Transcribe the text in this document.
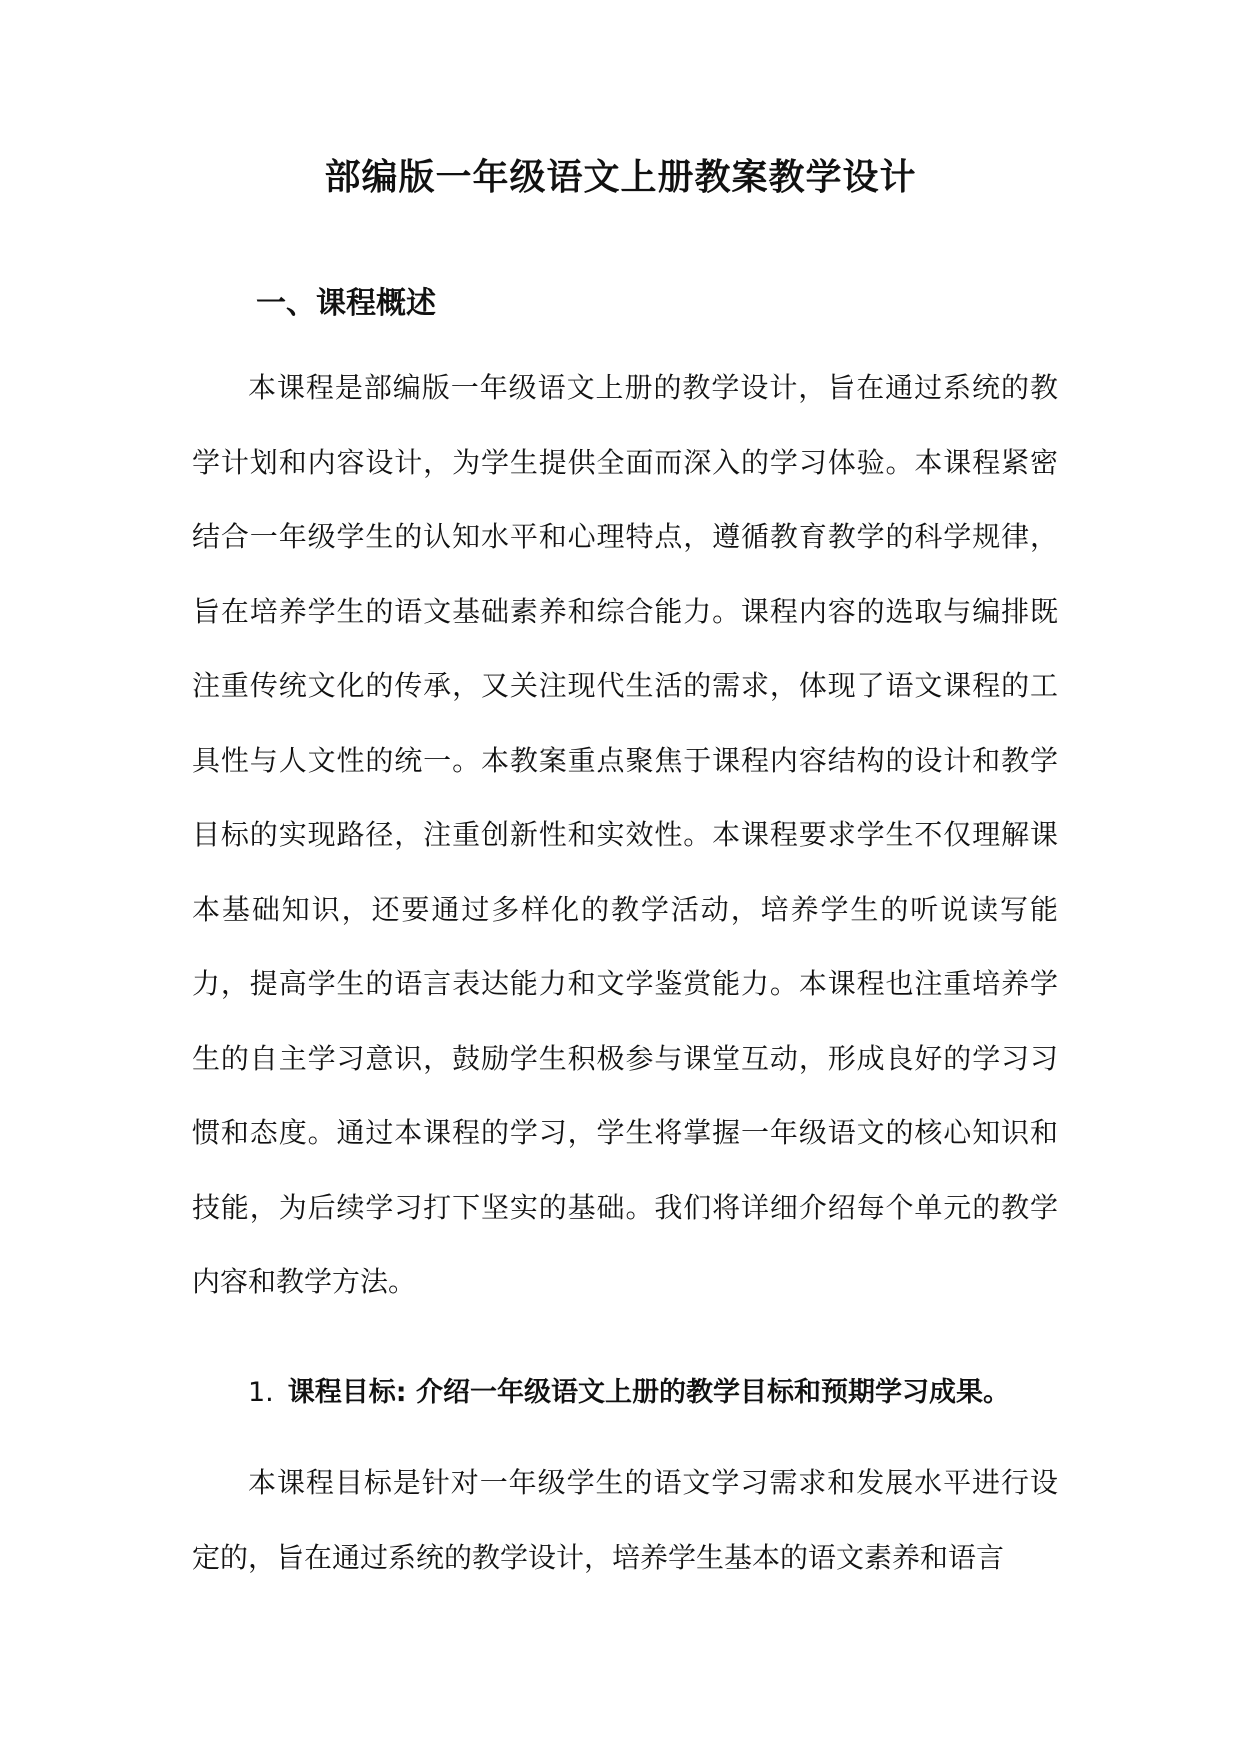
部编版一年级语文上册教案教学设计
一、课程概述

本课程是部编版一年级语文上册的教学设计，旨在通过系统的教学计划和内容设计，为学生提供全面而深入的学习体验。本课程紧密结合一年级学生的认知水平和心理特点，遵循教育教学的科学规律，旨在培养学生的语文基础素养和综合能力。课程内容的选取与编排既注重传统文化的传承，又关注现代生活的需求，体现了语文课程的工具性与人文性的统一。本教案重点聚焦于课程内容结构的设计和教学目标的实现路径，注重创新性和实效性。本课程要求学生不仅理解课本基础知识，还要通过多样化的教学活动，培养学生的听说读写能力，提高学生的语言表达能力和文学鉴赏能力。本课程也注重培养学生的自主学习意识，鼓励学生积极参与课堂互动，形成良好的学习习惯和态度。通过本课程的学习，学生将掌握一年级语文的核心知识和技能，为后续学习打下坚实的基础。我们将详细介绍每个单元的教学内容和教学方法。

1. 课程目标: 介绍一年级语文上册的教学目标和预期学习成果。

本课程目标是针对一年级学生的语文学习需求和发展水平进行设定的，旨在通过系统的教学设计，培养学生基本的语文素养和语言
